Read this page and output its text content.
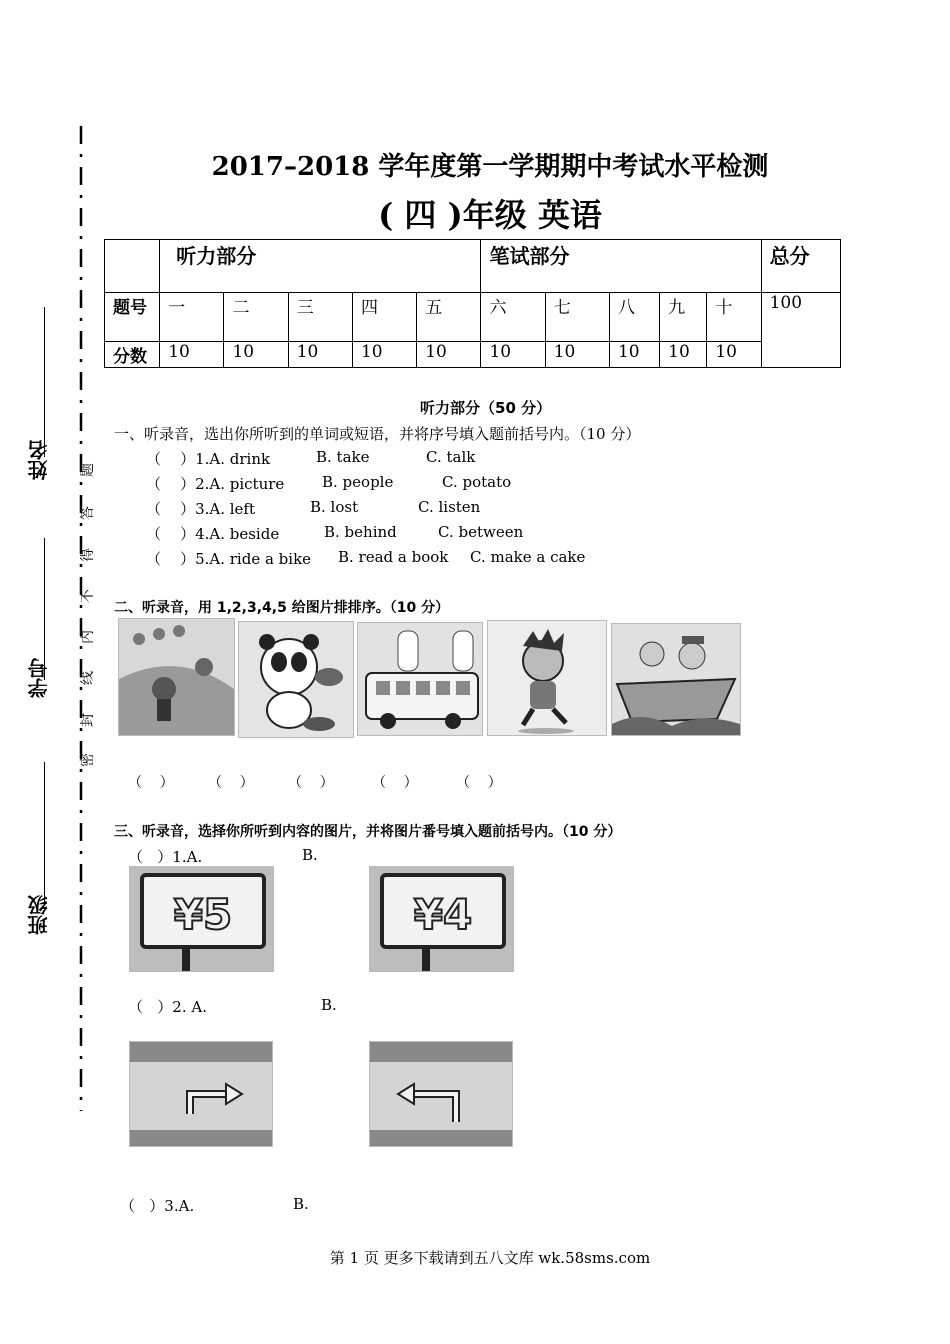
姓名
学号
班级
密
封
线
内
不
得
答
题
2017–2018 学年度第一学期期中考试水平检测
( 四 )年级 英语
	听力部分					笔试部分					总分
题号	一	二	三	四	五	六	七	八	九	十	100
分数	10	10	10	10	10	10	10	10	10	10	
听力部分（50 分）
一、听录音，选出你所听到的单词或短语，并将序号填入题前括号内。（10 分）
（    ）1.A. drink	B. take	C. talk
（    ）2.A. picture	B. people	C. potato
（    ）3.A. left	B. lost	C. listen
（    ）4.A. beside	B. behind	C. between
（    ）5.A. ride a bike B. read a book C. make a cake
二、听录音，用 1,2,3,4,5 给图片排排序。（10 分）
（    ） （    ） （    ）	（    ）	（    ）
三、听录音，选择你所听到内容的图片，并将图片番号填入题前括号内。（10 分）
（   ）1.A.	B.
¥5	¥4
（   ）2. A.	B.
（   ）3.A.	B.
第 1 页 更多下载请到五八文库 wk.58sms.com
